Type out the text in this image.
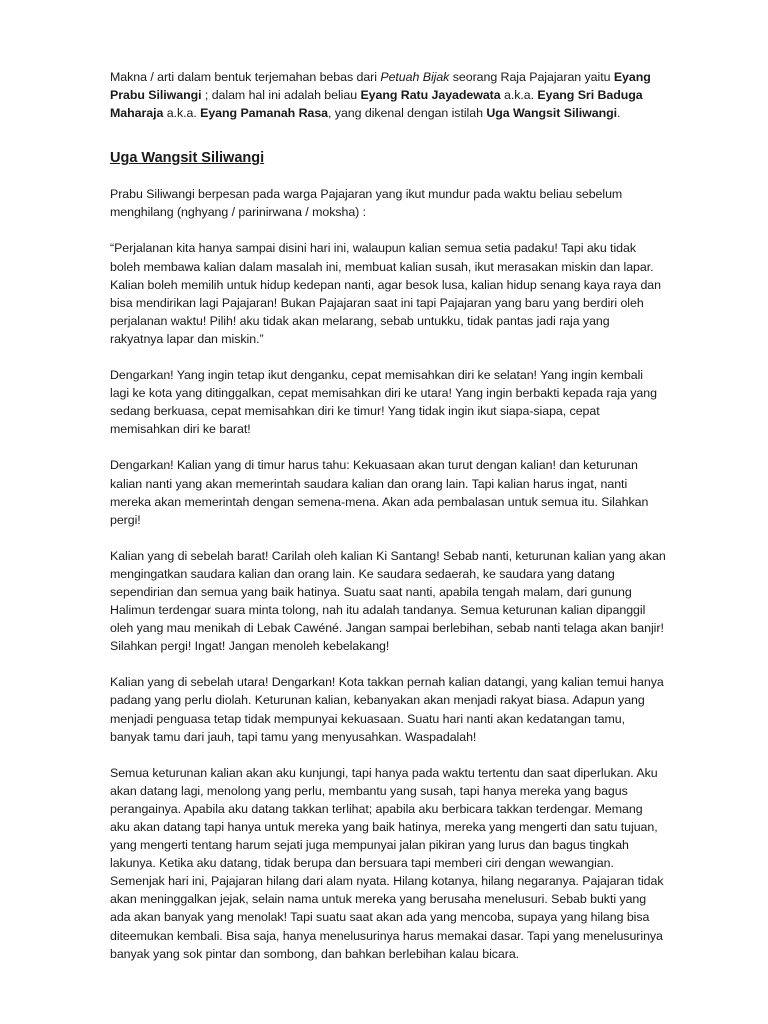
Makna / arti dalam bentuk terjemahan bebas dari Petuah Bijak seorang Raja Pajajaran yaitu Eyang
Prabu Siliwangi ; dalam hal ini adalah beliau Eyang Ratu Jayadewata a.k.a. Eyang Sri Baduga
Maharaja a.k.a. Eyang Pamanah Rasa, yang dikenal dengan istilah Uga Wangsit Siliwangi.

Uga Wangsit Siliwangi

Prabu Siliwangi berpesan pada warga Pajajaran yang ikut mundur pada waktu beliau sebelum
menghilang (nghyang / parinirwana / moksha) :

“Perjalanan kita hanya sampai disini hari ini, walaupun kalian semua setia padaku! Tapi aku tidak
boleh membawa kalian dalam masalah ini, membuat kalian susah, ikut merasakan miskin dan lapar.
Kalian boleh memilih untuk hidup kedepan nanti, agar besok lusa, kalian hidup senang kaya raya dan
bisa mendirikan lagi Pajajaran! Bukan Pajajaran saat ini tapi Pajajaran yang baru yang berdiri oleh
perjalanan waktu! Pilih! aku tidak akan melarang, sebab untukku, tidak pantas jadi raja yang
rakyatnya lapar dan miskin.”

Dengarkan! Yang ingin tetap ikut denganku, cepat memisahkan diri ke selatan! Yang ingin kembali
lagi ke kota yang ditinggalkan, cepat memisahkan diri ke utara! Yang ingin berbakti kepada raja yang
sedang berkuasa, cepat memisahkan diri ke timur! Yang tidak ingin ikut siapa-siapa, cepat
memisahkan diri ke barat!

Dengarkan! Kalian yang di timur harus tahu: Kekuasaan akan turut dengan kalian! dan keturunan
kalian nanti yang akan memerintah saudara kalian dan orang lain. Tapi kalian harus ingat, nanti
mereka akan memerintah dengan semena-mena. Akan ada pembalasan untuk semua itu. Silahkan
pergi!

Kalian yang di sebelah barat! Carilah oleh kalian Ki Santang! Sebab nanti, keturunan kalian yang akan
mengingatkan saudara kalian dan orang lain. Ke saudara sedaerah, ke saudara yang datang
sependirian dan semua yang baik hatinya. Suatu saat nanti, apabila tengah malam, dari gunung
Halimun terdengar suara minta tolong, nah itu adalah tandanya. Semua keturunan kalian dipanggil
oleh yang mau menikah di Lebak Cawéné. Jangan sampai berlebihan, sebab nanti telaga akan banjir!
Silahkan pergi! Ingat! Jangan menoleh kebelakang!

Kalian yang di sebelah utara! Dengarkan! Kota takkan pernah kalian datangi, yang kalian temui hanya
padang yang perlu diolah. Keturunan kalian, kebanyakan akan menjadi rakyat biasa. Adapun yang
menjadi penguasa tetap tidak mempunyai kekuasaan. Suatu hari nanti akan kedatangan tamu,
banyak tamu dari jauh, tapi tamu yang menyusahkan. Waspadalah!

Semua keturunan kalian akan aku kunjungi, tapi hanya pada waktu tertentu dan saat diperlukan. Aku
akan datang lagi, menolong yang perlu, membantu yang susah, tapi hanya mereka yang bagus
perangainya. Apabila aku datang takkan terlihat; apabila aku berbicara takkan terdengar. Memang
aku akan datang tapi hanya untuk mereka yang baik hatinya, mereka yang mengerti dan satu tujuan,
yang mengerti tentang harum sejati juga mempunyai jalan pikiran yang lurus dan bagus tingkah
lakunya. Ketika aku datang, tidak berupa dan bersuara tapi memberi ciri dengan wewangian.
Semenjak hari ini, Pajajaran hilang dari alam nyata. Hilang kotanya, hilang negaranya. Pajajaran tidak
akan meninggalkan jejak, selain nama untuk mereka yang berusaha menelusuri. Sebab bukti yang
ada akan banyak yang menolak! Tapi suatu saat akan ada yang mencoba, supaya yang hilang bisa
diteemukan kembali. Bisa saja, hanya menelusurinya harus memakai dasar. Tapi yang menelusurinya
banyak yang sok pintar dan sombong, dan bahkan berlebihan kalau bicara.
